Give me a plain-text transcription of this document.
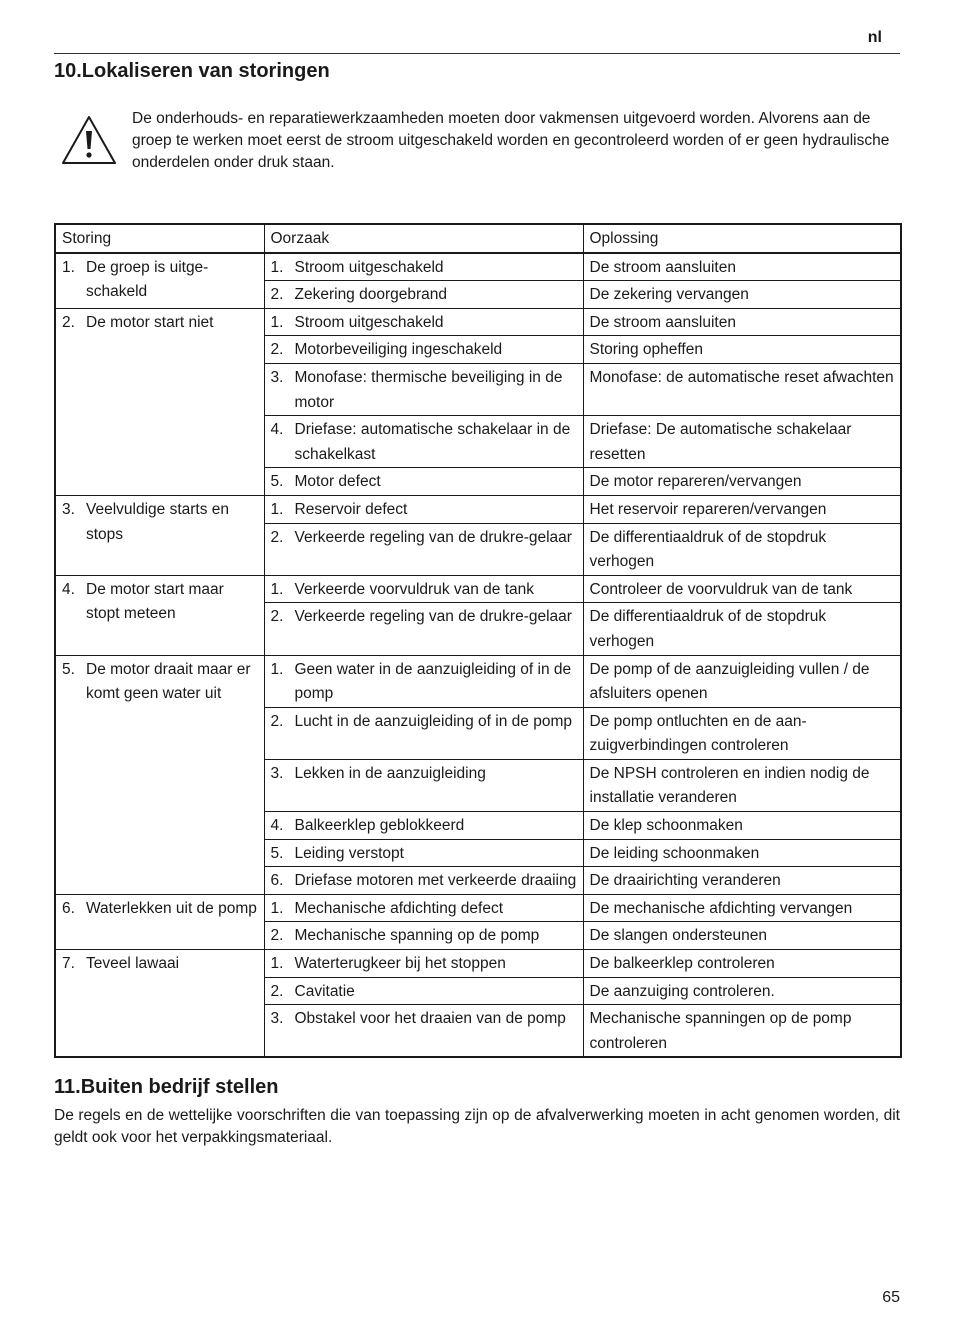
nl
10.Lokaliseren van storingen
De onderhouds- en reparatiewerkzaamheden moeten door vakmensen uitgevoerd worden. Alvorens aan de groep te werken moet eerst de stroom uitgeschakeld worden en gecontroleerd worden of er geen hydraulische onderdelen onder druk staan.
Storing	Oorzaak	Oplossing

1. De groep is uitge-schakeld	1. Stroom uitgeschakeld	De stroom aansluiten

	2. Zekering doorgebrand	De zekering vervangen

2. De motor start niet	1. Stroom uitgeschakeld	De stroom aansluiten

	2. Motorbeveiliging ingeschakeld	Storing opheffen

	3. Monofase: thermische beveiliging in de motor	Monofase: de automatische reset afwachten

	4. Driefase: automatische schakelaar in de schakelkast	Driefase: De automatische schakelaar resetten

	5. Motor defect	De motor repareren/vervangen

3. Veelvuldige starts en stops	1. Reservoir defect	Het reservoir repareren/vervangen

	2. Verkeerde regeling van de drukre-gelaar	De differentiaaldruk of de stopdruk verhogen

4. De motor start maar stopt meteen	1. Verkeerde voorvuldruk van de tank	Controleer de voorvuldruk van de tank

	2. Verkeerde regeling van de drukre-gelaar	De differentiaaldruk of de stopdruk verhogen

5. De motor draait maar er komt geen water uit	1. Geen water in de aanzuigleiding of in de pomp	De pomp of de aanzuigleiding vullen / de afsluiters openen

	2. Lucht in de aanzuigleiding of in de pomp	De pomp ontluchten en de aan-zuigverbindingen controleren

	3. Lekken in de aanzuigleiding	De NPSH controleren en indien nodig de installatie veranderen

	4. Balkeerklep geblokkeerd	De klep schoonmaken

	5. Leiding verstopt	De leiding schoonmaken

	6. Driefase motoren met verkeerde draaiing	De draairichting veranderen

6. Waterlekken uit de pomp	1. Mechanische afdichting defect	De mechanische afdichting vervangen

	2. Mechanische spanning op de pomp	De slangen ondersteunen

7. Teveel lawaai	1. Waterterugkeer bij het stoppen	De balkeerklep controleren

	2. Cavitatie	De aanzuiging controleren.

	3. Obstakel voor het draaien van de pomp	Mechanische spanningen op de pomp controleren
11.Buiten bedrijf stellen
De regels en de wettelijke voorschriften die van toepassing zijn op de afvalverwerking moeten in acht genomen worden, dit geldt ook voor het verpakkingsmateriaal.
65
